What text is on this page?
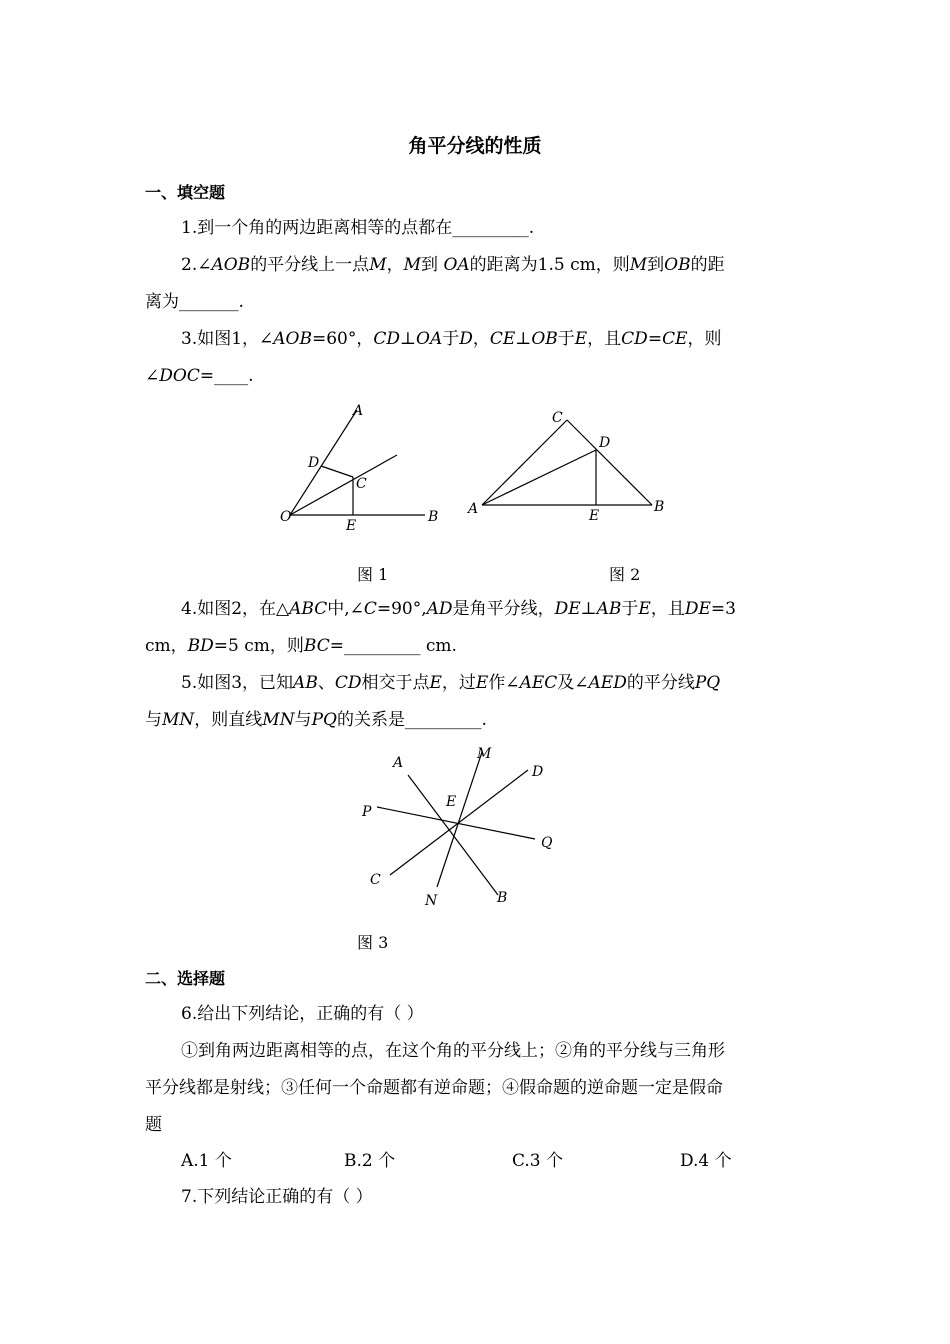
角平分线的性质
一、填空题
1.到一个角的两边距离相等的点都在_________.
2.∠AOB的平分线上一点M，M到 OA的距离为1.5 cm，则M到OB的距
离为_______.
3.如图1，∠AOB=60°，CD⊥OA于D，CE⊥OB于E，且CD=CE，则
∠DOC=____.
A
D
C
O
E
B
图 1
C
D
A	E
B
图 2
4.如图2，在△ABC中,∠C=90°,AD是角平分线，DE⊥AB于E，且DE=3
cm，BD=5 cm，则BC=_________ cm.
5.如图3，已知AB、CD相交于点E，过E作∠AEC及∠AED的平分线PQ
与MN，则直线MN与PQ的关系是_________.
A
M
D
E
P
Q
C
N	B
图 3
二、选择题
6.给出下列结论，正确的有（ ）
①到角两边距离相等的点，在这个角的平分线上；②角的平分线与三角形
平分线都是射线；③任何一个命题都有逆命题；④假命题的逆命题一定是假命
题
A.1 个	B.2 个	C.3 个	D.4 个
7.下列结论正确的有（ ）
